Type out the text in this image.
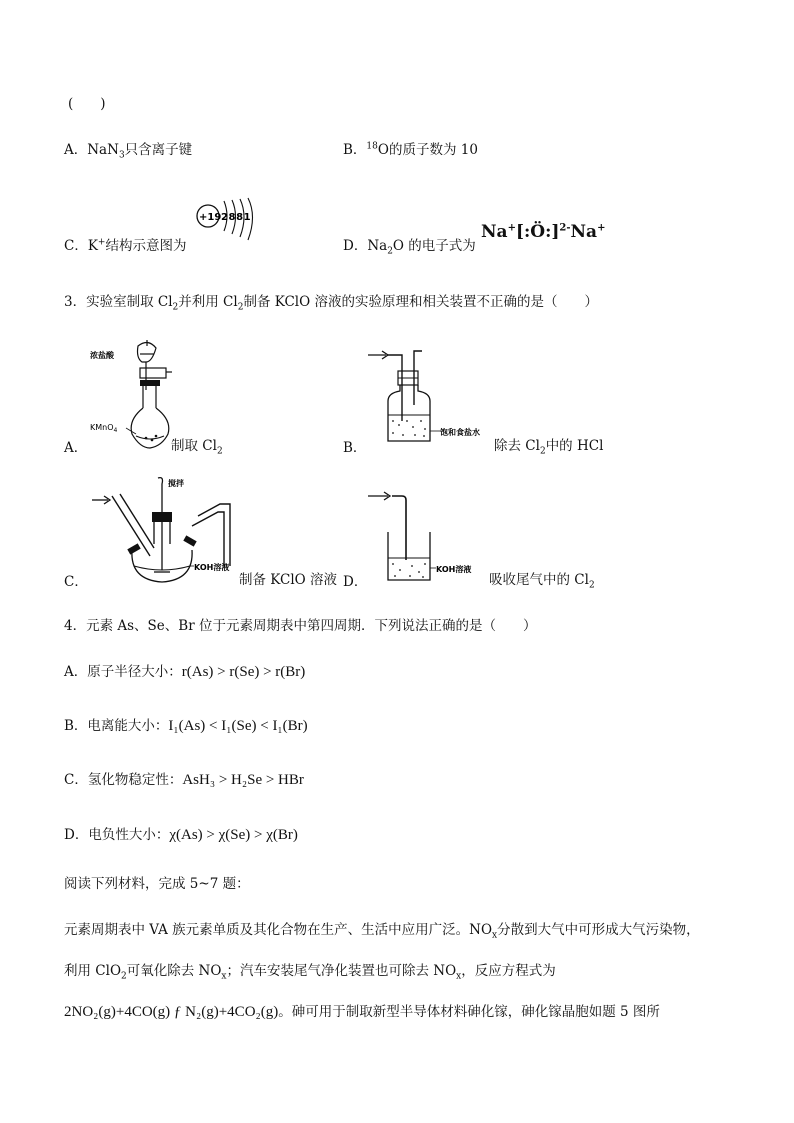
(　　)
A．NaN$_3$只含离子键	B．$^{18}$O的质子数为 10
C．K+结构示意图为
+19 2881
D．$Na_2O$ 的电子式为
Na+[:Ö:]$^{2-}$Na+
3．实验室制取 $Cl_2$并利用 $Cl_2$制备 KClO 溶液的实验原理和相关装置不正确的是（　　）
A．
浓盐酸
KMnO$_4$
制取 $Cl_2$	B．
饱和食盐水
除去 $Cl_2$中的 HCl
C．
搅拌
KOH溶液
制备 KClO 溶液 D．
KOH溶液
吸收尾气中的 $Cl_2$
4．元素 As、Se、Br 位于元素周期表中第四周期．下列说法正确的是（　　）
A．原子半径大小：r(As) > r(Se) > r(Br)
B．电离能大小：I₁(As) < I₁(Se) < I₁(Br)
C．氢化物稳定性：AsH₃ > H₂Se > HBr
D．电负性大小：χ(As) > χ(Se) > χ(Br)
阅读下列材料，完成 5~7 题：
元素周期表中 VA 族元素单质及其化合物在生产、生活中应用广泛。$NO_x$分散到大气中可形成大气污染物，
利用 ClO$_2$可氧化除去 $NO_x$；汽车安装尾气净化装置也可除去 $NO_x$，反应方程式为
2NO₂(g)+4CO(g) ƒ N₂(g)+4CO₂(g)。砷可用于制取新型半导体材料砷化镓，砷化镓晶胞如题 5 图所
